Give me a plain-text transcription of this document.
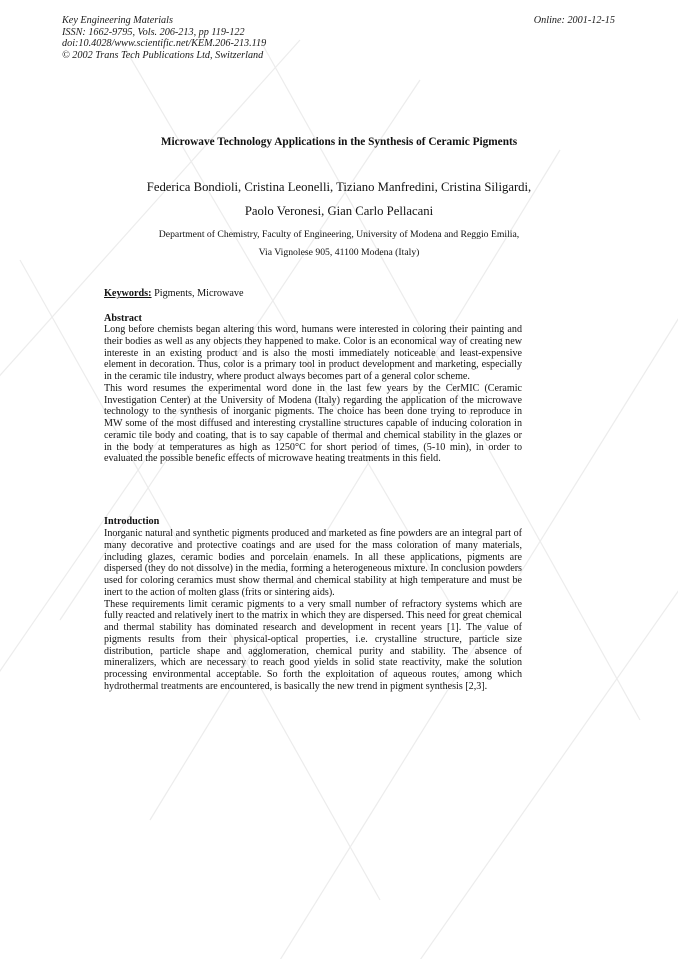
Key Engineering Materials
ISSN: 1662-9795, Vols. 206-213, pp 119-122
doi:10.4028/www.scientific.net/KEM.206-213.119
© 2002 Trans Tech Publications Ltd, Switzerland
Online: 2001-12-15
Microwave Technology Applications in the Synthesis of Ceramic Pigments
Federica Bondioli, Cristina Leonelli, Tiziano Manfredini, Cristina Siligardi,
Paolo Veronesi, Gian Carlo Pellacani
Department of Chemistry, Faculty of Engineering, University of Modena and Reggio Emilia,
Via Vignolese 905, 41100 Modena (Italy)
Keywords: Pigments, Microwave
Abstract

Long before chemists began altering this word, humans were interested in coloring their painting and their bodies as well as any objects they happened to make. Color is an economical way of creating new intereste in an existing product and is also the mosti immediately noticeable and least-expensive element in decoration. Thus, color is a primary tool in product development and marketing, especially in the ceramic tile industry, where product always becomes part of a general color scheme.

This word resumes the experimental word done in the last few years by the CerMIC (Ceramic Investigation Center) at the University of Modena (Italy) regarding the application of the microwave technology to the synthesis of inorganic pigments. The choice has been done trying to reproduce in MW some of the most diffused and interesting crystalline structures capable of inducing coloration in ceramic tile body and coating, that is to say capable of thermal and chemical stability in the glazes or in the body at temperatures as high as 1250°C for short period of times, (5-10 min), in order to evaluated the possible benefic effects of microwave heating treatments in this field.

Introduction

Inorganic natural and synthetic pigments produced and marketed as fine powders are an integral part of many decorative and protective coatings and are used for the mass coloration of many materials, including glazes, ceramic bodies and porcelain enamels. In all these applications, pigments are dispersed (they do not dissolve) in the media, forming a heterogeneous mixture. In conclusion powders used for coloring ceramics must show thermal and chemical stability at high temperature and must be inert to the action of molten glass (frits or sintering aids).

These requirements limit ceramic pigments to a very small number of refractory systems which are fully reacted and relatively inert to the matrix in which they are dispersed. This need for great chemical and thermal stability has dominated research and development in recent years [1]. The value of pigments results from their physical-optical properties, i.e. crystalline structure, particle size distribution, particle shape and agglomeration, chemical purity and stability. The absence of mineralizers, which are necessary to reach good yields in solid state reactivity, make the solution processing environmental acceptable. So forth the exploitation of aqueous routes, among which hydrothermal treatments are encountered, is basically the new trend in pigment synthesis [2,3].
